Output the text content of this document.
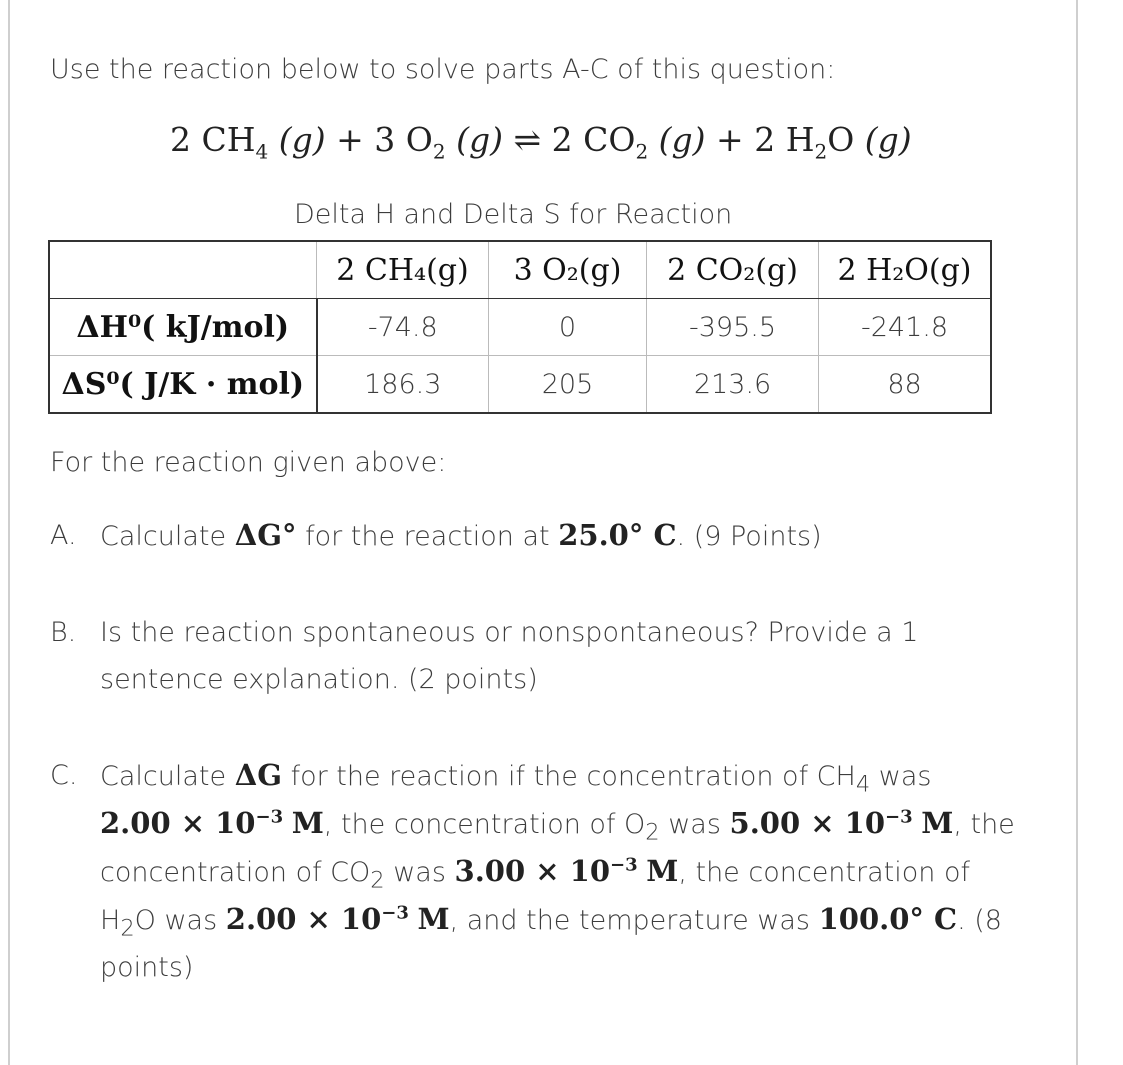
Use the reaction below to solve parts A-C of this question:

2 $CH_4$ (g) + 3 $O_2$ (g) ⇌ 2 $CO_2$ (g) + 2 $H_2O$ (g)

Delta H and Delta S for Reaction

	2 CH₄(g)	3 O₂(g)	2 CO₂(g)	2 H₂O(g)
ΔH⁰( kJ/mol)	-74.8	0	-395.5	-241.8
ΔS⁰( J/K · mol)	186.3	205	213.6	88

For the reaction given above:

A. Calculate ΔG° for the reaction at 25.0° C. (9 Points)
B. Is the reaction spontaneous or nonspontaneous? Provide a 1
sentence explanation. (2 points)
C. Calculate ΔG for the reaction if the concentration of $CH_4$ was
$2.00 \times 10^{-3}$ M, the concentration of $O_2$ was $5.00 \times 10^{-3}$ M, the
concentration of $CO_2$ was $3.00 \times 10^{-3}$ M, the concentration of
$H_2O$ was $2.00 \times 10^{-3}$ M, and the temperature was 100.0° C. (8
points)
